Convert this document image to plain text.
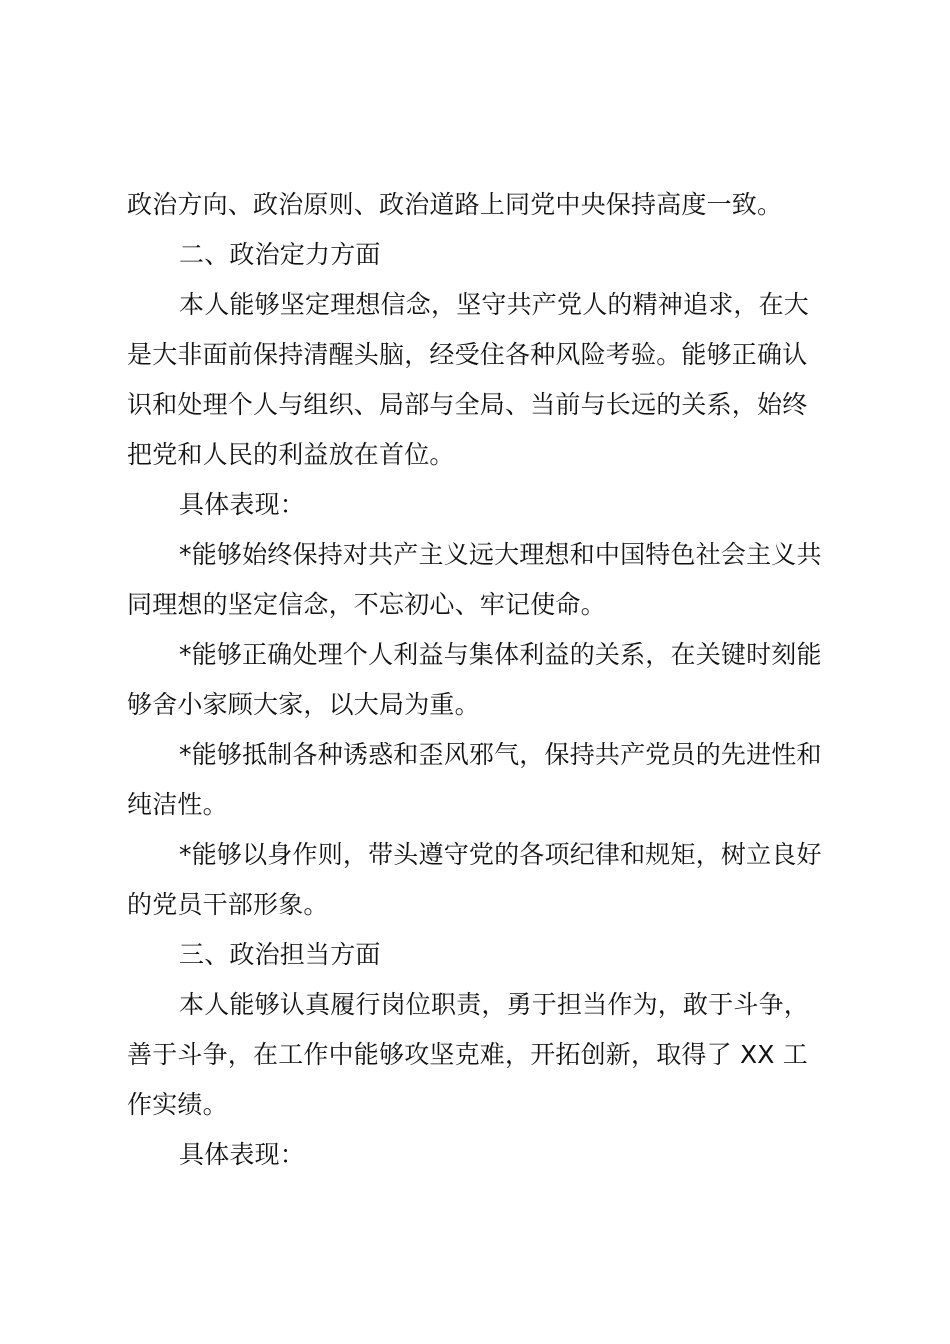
政治方向、政治原则、政治道路上同党中央保持高度一致。
二、政治定力方面
本人能够坚定理想信念，坚守共产党人的精神追求，在大
是大非面前保持清醒头脑，经受住各种风险考验。能够正确认
识和处理个人与组织、局部与全局、当前与长远的关系，始终
把党和人民的利益放在首位。
具体表现：
*能够始终保持对共产主义远大理想和中国特色社会主义共
同理想的坚定信念，不忘初心、牢记使命。
*能够正确处理个人利益与集体利益的关系，在关键时刻能
够舍小家顾大家，以大局为重。
*能够抵制各种诱惑和歪风邪气，保持共产党员的先进性和
纯洁性。
*能够以身作则，带头遵守党的各项纪律和规矩，树立良好
的党员干部形象。
三、政治担当方面
本人能够认真履行岗位职责，勇于担当作为，敢于斗争，
善于斗争，在工作中能够攻坚克难，开拓创新，取得了 XX 工
作实绩。
具体表现：
